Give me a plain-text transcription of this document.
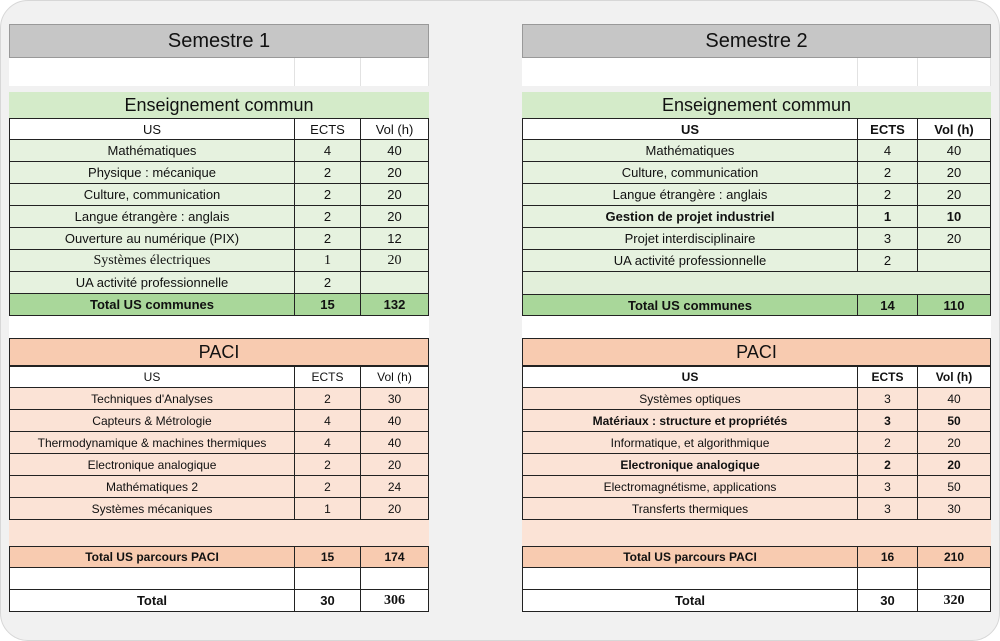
Semestre 1
Enseignement commun
US	ECTS	Vol (h)
Mathématiques	4	40
Physique : mécanique	2	20
Culture, communication	2	20
Langue étrangère : anglais	2	20
Ouverture au numérique (PIX)	2	12
Systèmes électriques	1	20
UA activité professionnelle	2
Total US communes	15	132
PACI
US	ECTS	Vol (h)
Techniques d'Analyses	2	30
Capteurs & Métrologie	4	40
Thermodynamique & machines thermiques	4	40
Electronique analogique	2	20
Mathématiques 2	2	24
Systèmes mécaniques	1	20
Total US parcours PACI	15	174
Total	30	306
Semestre 2
Enseignement commun
US	ECTS	Vol (h)
Mathématiques	4	40
Culture, communication	2	20
Langue étrangère : anglais	2	20
Gestion de projet industriel	1	10
Projet interdisciplinaire	3	20
UA activité professionnelle	2
Total US communes	14	110
PACI
US	ECTS	Vol (h)
Systèmes optiques	3	40
Matériaux : structure et propriétés	3	50
Informatique, et algorithmique	2	20
Electronique analogique	2	20
Electromagnétisme, applications	3	50
Transferts thermiques	3	30
Total US parcours PACI	16	210
Total	30	320
